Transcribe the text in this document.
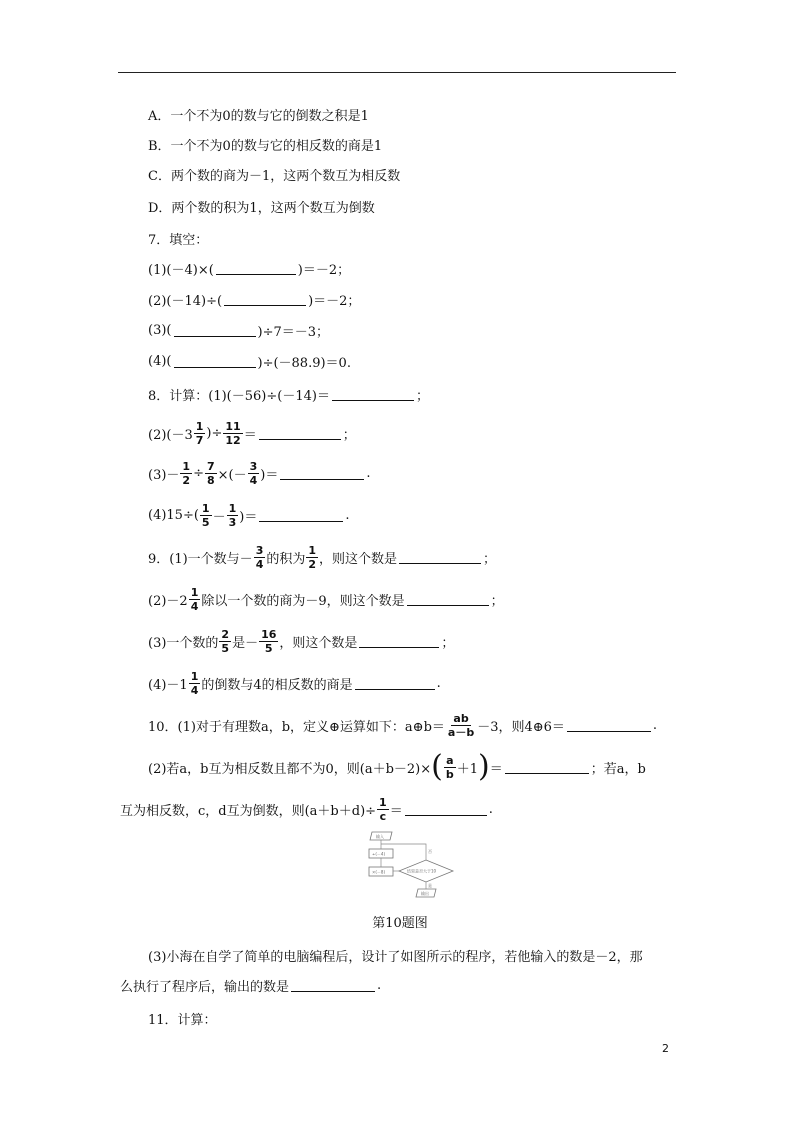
A．一个不为0的数与它的倒数之积是1
B．一个不为0的数与它的相反数的商是1
C．两个数的商为－1，这两个数互为相反数
D．两个数的积为1，这两个数互为倒数
7．填空：
(1)(－4)×(	)＝－2；
(2)(－14)÷(	)＝－2；
(3)(	)÷7＝－3；
(4)(	)÷(－88.9)＝0.
8．计算：(1)(－56)÷(－14)＝	；
$(2)(-3 \frac{1}{7}$ )÷ $\frac{11}{12}$ ＝	；
$(3)- \frac{1}{2} \div \frac{7}{8}$ ×(－ $\frac{3}{4}$ )＝	.
$(4)15\div( \frac{1}{5} - \frac{1}{3}$ )＝	.
9．(1)一个数与－ $\frac{3}{4}$ 的积为 $\frac{1}{2}$ ，则这个数是	；
$(2)-2 \frac{1}{4}$ 除以一个数的商为－9，则这个数是	；
(3)一个数的 $\frac{2}{5}$ 是－ $\frac{16}{5}$ ，则这个数是	；
$(4)-1 \frac{1}{4}$ 的倒数与4的相反数的商是	.
10．(1)对于有理数a，b，定义⊕运算如下：a⊕b＝ $\frac{ab}{a-b} -3$，则4⊕6＝	.
(2)若a，b互为相反数且都不为0，则(a＋b－2)× ( $\frac{a}{b} +1$ ) ＝	；若a，b
互为相反数，c，d互为倒数，则$(a+b+d)\div \frac{1}{c}$ ＝	.
输入
÷(－4)
×(－8)	结果是否大于10
否
是
输出
第10题图
(3)小海在自学了简单的电脑编程后，设计了如图所示的程序，若他输入的数是－2，那
么执行了程序后，输出的数是	.
11．计算：
2
